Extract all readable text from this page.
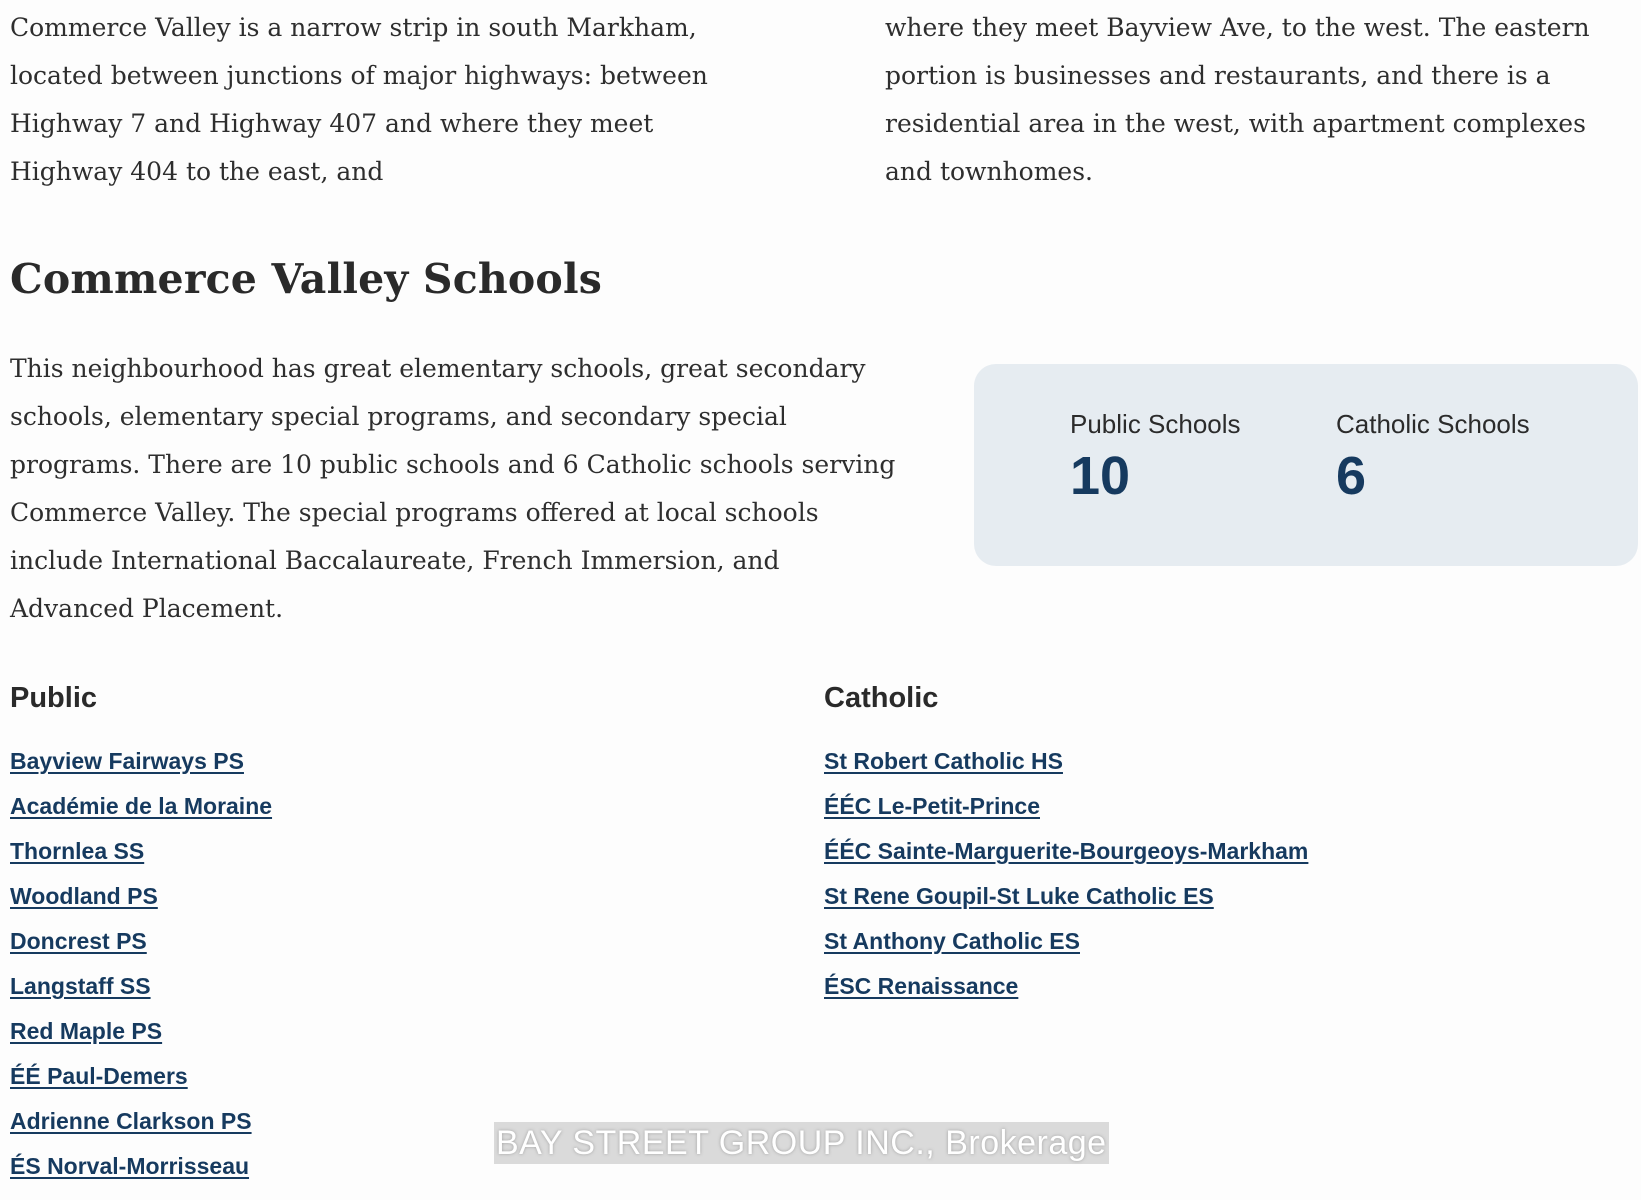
Commerce Valley is a narrow strip in south Markham, located between junctions of major highways: between Highway 7 and Highway 407 and where they meet Highway 404 to the east, and

where they meet Bayview Ave, to the west. The eastern portion is businesses and restaurants, and there is a residential area in the west, with apartment complexes and townhomes.

Commerce Valley Schools

This neighbourhood has great elementary schools, great secondary schools, elementary special programs, and secondary special programs. There are 10 public schools and 6 Catholic schools serving Commerce Valley. The special programs offered at local schools include International Baccalaureate, French Immersion, and Advanced Placement.

Public Schools
10
Catholic Schools
6
Public
Bayview Fairways PS
Académie de la Moraine
Thornlea SS
Woodland PS
Doncrest PS
Langstaff SS
Red Maple PS
ÉÉ Paul-Demers
Adrienne Clarkson PS
ÉS Norval-Morrisseau
Catholic
St Robert Catholic HS
ÉÉC Le-Petit-Prince
ÉÉC Sainte-Marguerite-Bourgeoys-Markham
St Rene Goupil-St Luke Catholic ES
St Anthony Catholic ES
ÉSC Renaissance
BAY STREET GROUP INC., Brokerage
